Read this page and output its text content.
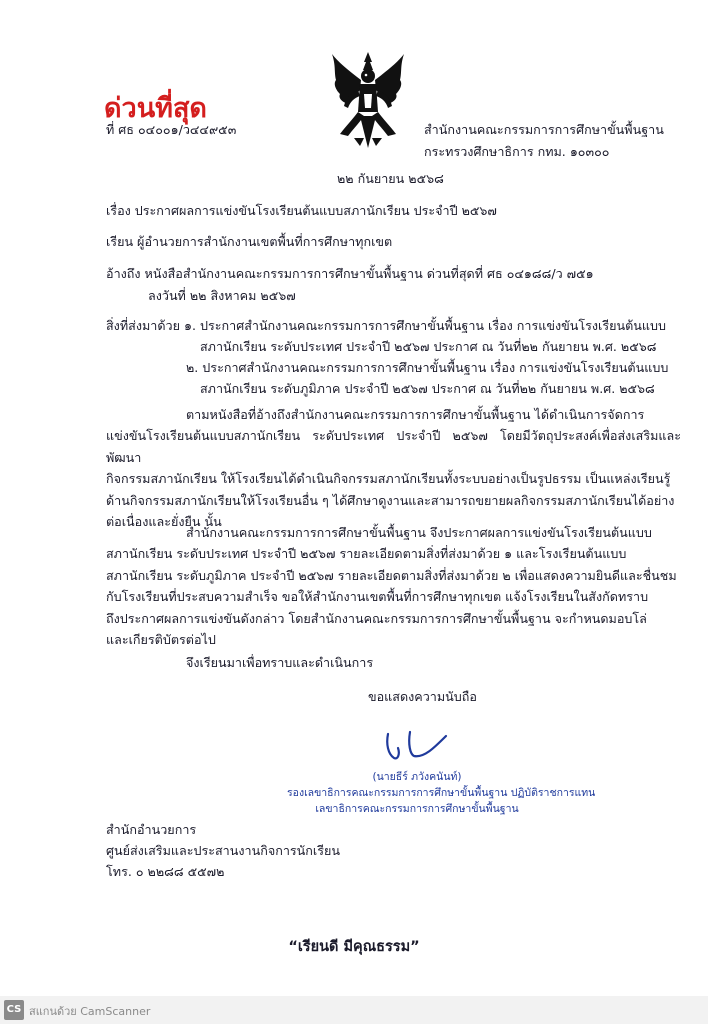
ด่วนที่สุด
ที่ ศธ ๐๔๐๐๑/ว๔๔๙๕๓	สำนักงานคณะกรรมการการศึกษาขั้นพื้นฐาน
กระทรวงศึกษาธิการ กทม. ๑๐๓๐๐
๒๒ กันยายน ๒๕๖๘
เรื่อง ประกาศผลการแข่งขันโรงเรียนต้นแบบสภานักเรียน ประจำปี ๒๕๖๗
เรียน ผู้อำนวยการสำนักงานเขตพื้นที่การศึกษาทุกเขต
อ้างถึง หนังสือสำนักงานคณะกรรมการการศึกษาขั้นพื้นฐาน ด่วนที่สุดที่ ศธ ๐๔๑๘๘/ว ๗๕๑
ลงวันที่ ๒๒ สิงหาคม ๒๕๖๗
สิ่งที่ส่งมาด้วย ๑. ประกาศสำนักงานคณะกรรมการการศึกษาขั้นพื้นฐาน เรื่อง การแข่งขันโรงเรียนต้นแบบ
สภานักเรียน ระดับประเทศ ประจำปี ๒๕๖๗ ประกาศ ณ วันที่๒๒ กันยายน พ.ศ. ๒๕๖๘
๒. ประกาศสำนักงานคณะกรรมการการศึกษาขั้นพื้นฐาน เรื่อง การแข่งขันโรงเรียนต้นแบบ
สภานักเรียน ระดับภูมิภาค ประจำปี ๒๕๖๗ ประกาศ ณ วันที่๒๒ กันยายน พ.ศ. ๒๕๖๘
ตามหนังสือที่อ้างถึงสำนักงานคณะกรรมการการศึกษาขั้นพื้นฐาน ได้ดำเนินการจัดการ
แข่งขันโรงเรียนต้นแบบสภานักเรียน ระดับประเทศ ประจำปี ๒๕๖๗ โดยมีวัตถุประสงค์เพื่อส่งเสริมและพัฒนา
กิจกรรมสภานักเรียน ให้โรงเรียนได้ดำเนินกิจกรรมสภานักเรียนทั้งระบบอย่างเป็นรูปธรรม เป็นแหล่งเรียนรู้
ด้านกิจกรรมสภานักเรียนให้โรงเรียนอื่น ๆ ได้ศึกษาดูงานและสามารถขยายผลกิจกรรมสภานักเรียนได้อย่าง
ต่อเนื่องและยั่งยืน นั้น
สำนักงานคณะกรรมการการศึกษาขั้นพื้นฐาน จึงประกาศผลการแข่งขันโรงเรียนต้นแบบ
สภานักเรียน ระดับประเทศ ประจำปี ๒๕๖๗ รายละเอียดตามสิ่งที่ส่งมาด้วย ๑ และโรงเรียนต้นแบบ
สภานักเรียน ระดับภูมิภาค ประจำปี ๒๕๖๗ รายละเอียดตามสิ่งที่ส่งมาด้วย ๒ เพื่อแสดงความยินดีและชื่นชม
กับโรงเรียนที่ประสบความสำเร็จ ขอให้สำนักงานเขตพื้นที่การศึกษาทุกเขต แจ้งโรงเรียนในสังกัดทราบ
ถึงประกาศผลการแข่งขันดังกล่าว โดยสำนักงานคณะกรรมการการศึกษาขั้นพื้นฐาน จะกำหนดมอบโล่
และเกียรติบัตรต่อไป
จึงเรียนมาเพื่อทราบและดำเนินการ
ขอแสดงความนับถือ
(นายธีร์ ภวังคนันท์)
รองเลขาธิการคณะกรรมการการศึกษาขั้นพื้นฐาน ปฏิบัติราชการแทน
เลขาธิการคณะกรรมการการศึกษาขั้นพื้นฐาน
สำนักอำนวยการ
ศูนย์ส่งเสริมและประสานงานกิจการนักเรียน
โทร. ๐ ๒๒๘๘ ๕๕๗๒
“เรียนดี มีคุณธรรม”
CS สแกนด้วย CamScanner
